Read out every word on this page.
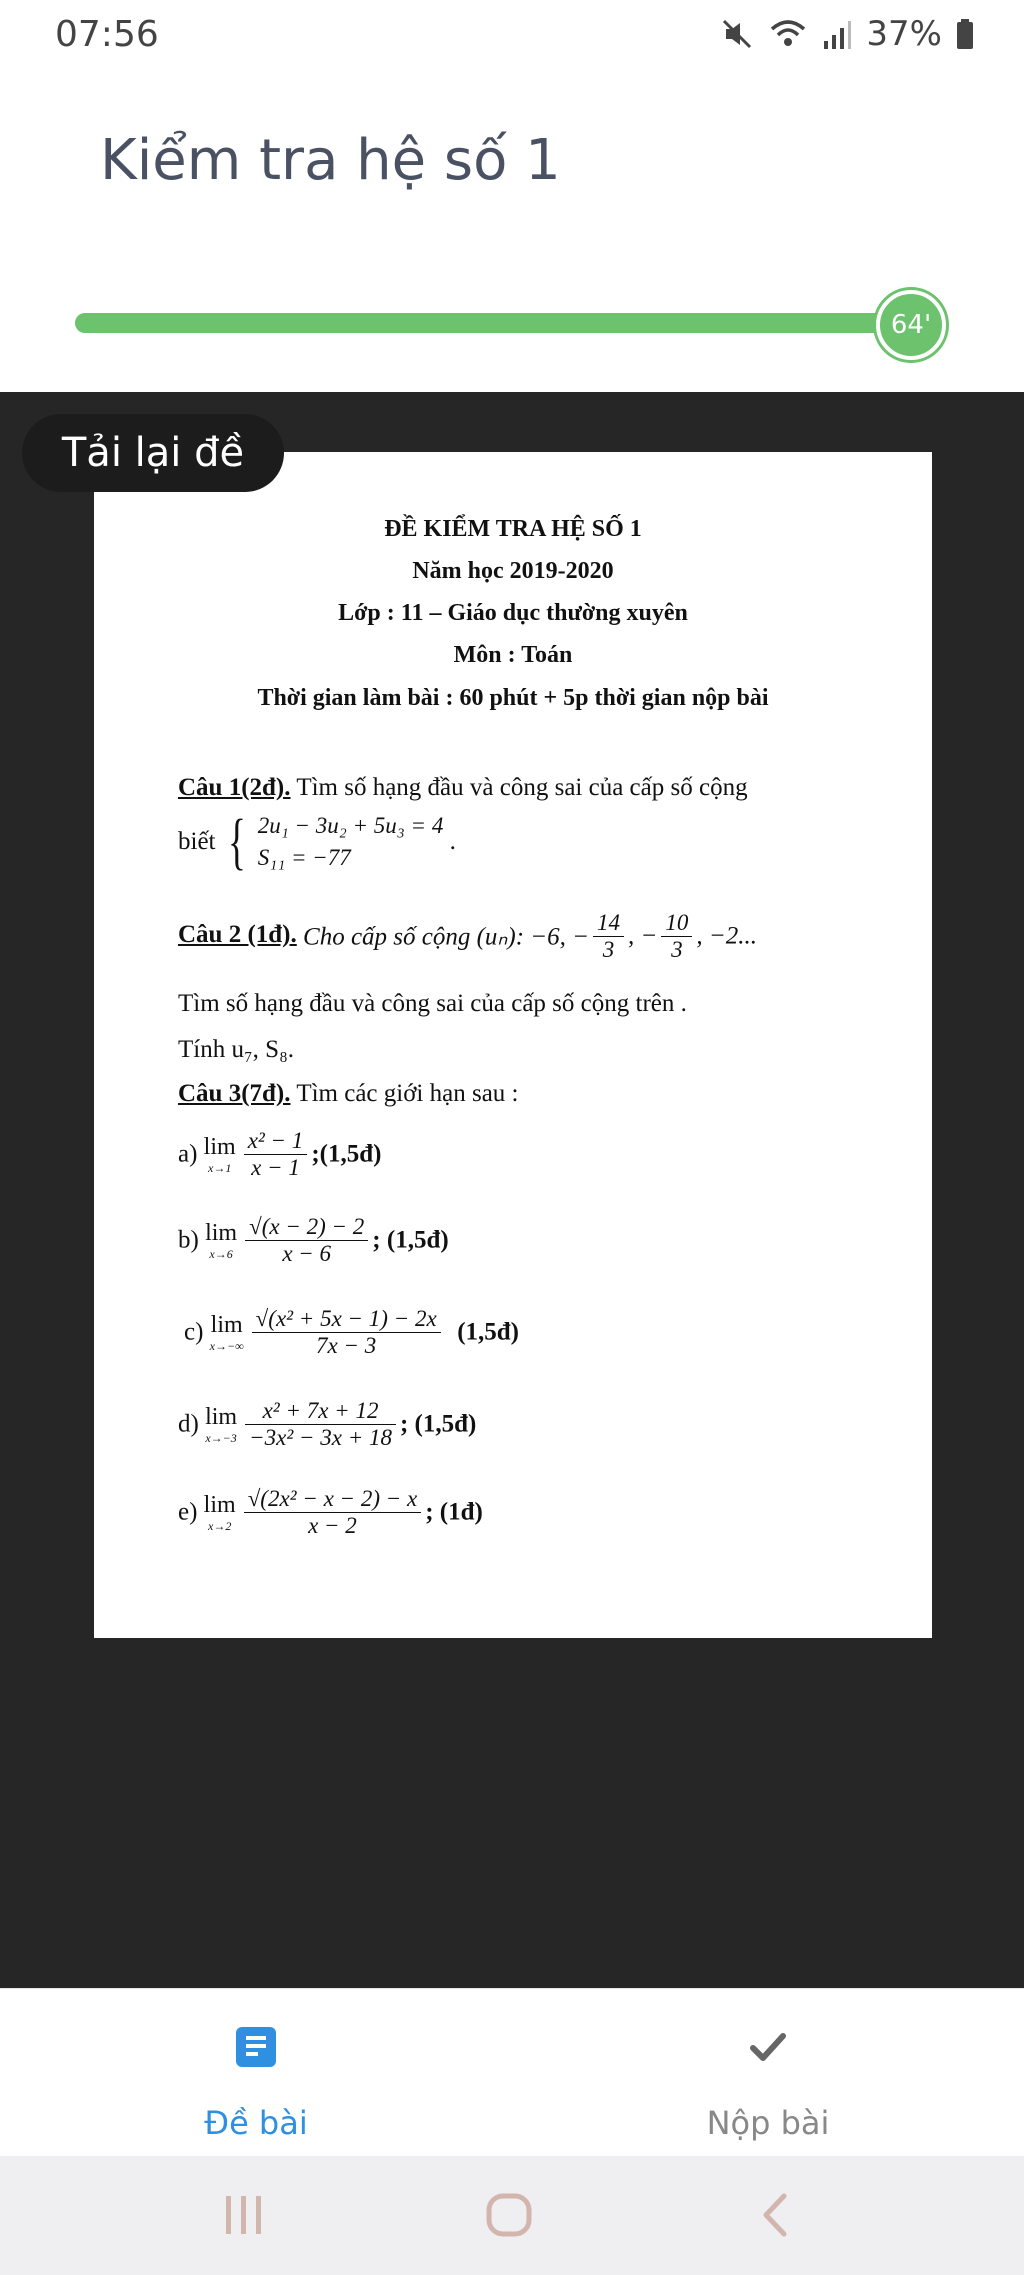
07:56	37%
Kiểm tra hệ số 1
64'
Tải lại đề
ĐỀ KIỂM TRA HỆ SỐ 1
Năm học 2019-2020
Lớp : 11 – Giáo dục thường xuyên
Môn : Toán
Thời gian làm bài : 60 phút + 5p thời gian nộp bài
Câu 1(2đ). Tìm số hạng đầu và công sai của cấp số cộng
biết { 2u₁ − 3u₂ + 5u₃ = 4
S₁₁ = −77
.
Câu 2 (1đ). Cho cấp số cộng (uₙ): −6, − $\frac{14}{3}$ , − $\frac{10}{3}$ , −2...
Tìm số hạng đầu và công sai của cấp số cộng trên .
Tính u₇, S₈.
Câu 3(7đ). Tìm các giới hạn sau :
a) lim
$x\to 1 \frac{\text{x² − 1}}{x - 1}$ ;(1,5đ)
b) lim
$x\to 6 \frac{√(x - 2) - 2}{x - 6}$ ; (1,5đ)
c) lim
$x\to-\infty \frac{\text{√(x² + 5x − 1) − 2x}}{7x - 3}$ (1,5đ)
d) lim
$x\to-3 \frac{\text{x² + 7x + 12}}{\text{−3x² − 3x + 18}}$ ; (1,5đ)
e) lim
$x\to 2 \frac{\text{√(2x² − x − 2) − x}}{x - 2}$ ; (1đ)
Đề bài	Nộp bài
